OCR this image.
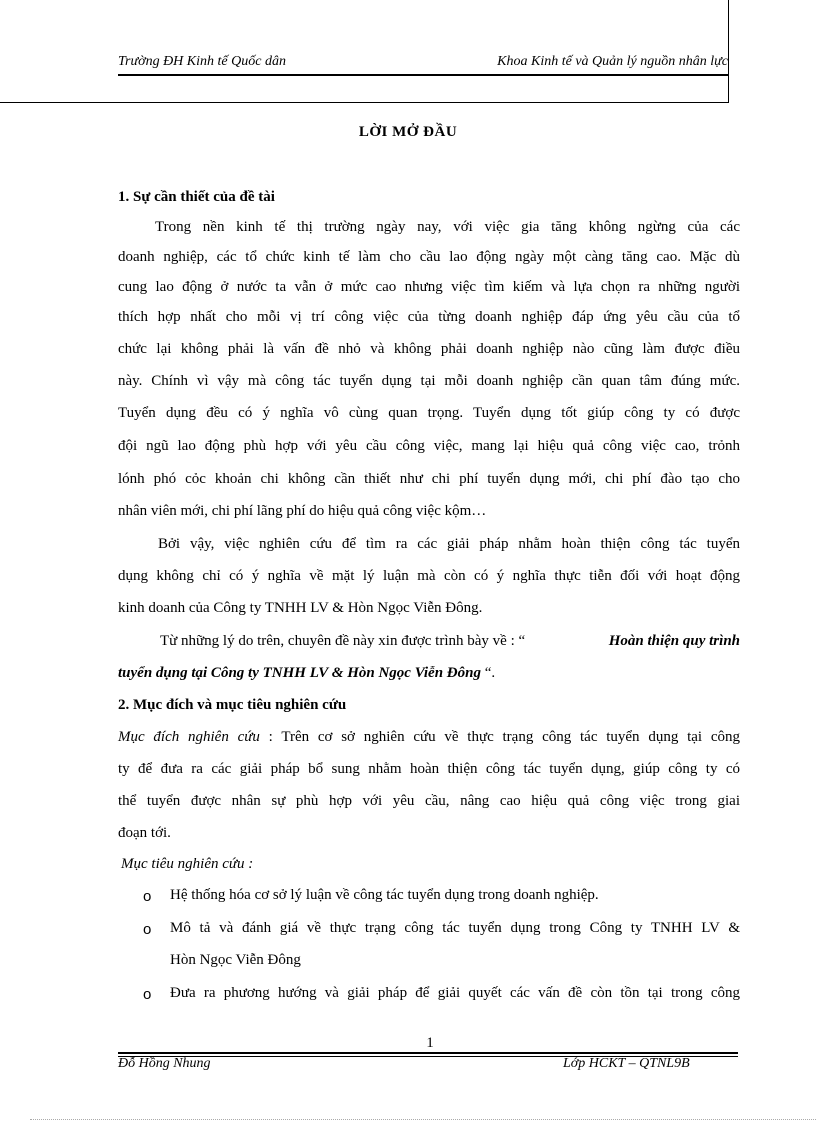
Trường ĐH Kinh tế Quốc dân	Khoa Kinh tế và Quản lý nguồn nhân lực
LỜI MỞ ĐẦU
1. Sự cần thiết của đề tài
Trong nền kinh tế thị trường ngày nay, với việc gia tăng không ngừng của các
doanh nghiệp, các tổ chức kinh tế làm cho cầu lao động ngày một càng tăng cao. Mặc dù
cung lao động ở nước ta vẫn ở mức cao nhưng việc tìm kiếm và lựa chọn ra những người
thích hợp nhất cho mỗi vị trí công việc của từng doanh nghiệp đáp ứng yêu cầu của tổ
chức lại không phải là vấn đề nhỏ và không phải doanh nghiệp nào cũng làm được điều
này. Chính vì vậy mà công tác tuyển dụng tại mỗi doanh nghiệp cần quan tâm đúng mức.
Tuyển dụng đều có ý nghĩa vô cùng quan trọng. Tuyển dụng tốt giúp công ty có được
đội ngũ lao động phù hợp với yêu cầu công việc, mang lại hiệu quả công việc cao, trỏnh
lónh phó cỏc khoản chi không cần thiết như chi phí tuyển dụng mới, chi phí đào tạo cho
nhân viên mới, chi phí lãng phí do hiệu quả công việc kộm…
Bởi vậy, việc nghiên cứu để tìm ra các giải pháp nhằm hoàn thiện công tác tuyển
dụng không chỉ có ý nghĩa về mặt lý luận mà còn có ý nghĩa thực tiễn đối với hoạt động
kinh doanh của Công ty TNHH LV & Hòn Ngọc Viễn Đông.
Từ những lý do trên, chuyên đề này xin được trình bày về : “	Hoàn thiện quy trình
tuyển dụng tại Công ty TNHH LV & Hòn Ngọc Viễn Đông “.
2. Mục đích và mục tiêu nghiên cứu
Mục đích nghiên cứu : Trên cơ sở nghiên cứu về thực trạng công tác tuyển dụng tại công
ty để đưa ra các giải pháp bổ sung nhằm hoàn thiện công tác tuyển dụng, giúp công ty có
thể tuyển được nhân sự phù hợp với yêu cầu, nâng cao hiệu quả công việc trong giai
đoạn tới.
Mục tiêu nghiên cứu :
o Hệ thống hóa cơ sở lý luận về công tác tuyển dụng trong doanh nghiệp.
o Mô tả và đánh giá về thực trạng công tác tuyển dụng trong Công ty TNHH LV &
Hòn Ngọc Viễn Đông
o Đưa ra phương hướng và giải pháp để giải quyết các vấn đề còn tồn tại trong công
1
Đỗ Hồng Nhung	Lớp HCKT – QTNL9B
